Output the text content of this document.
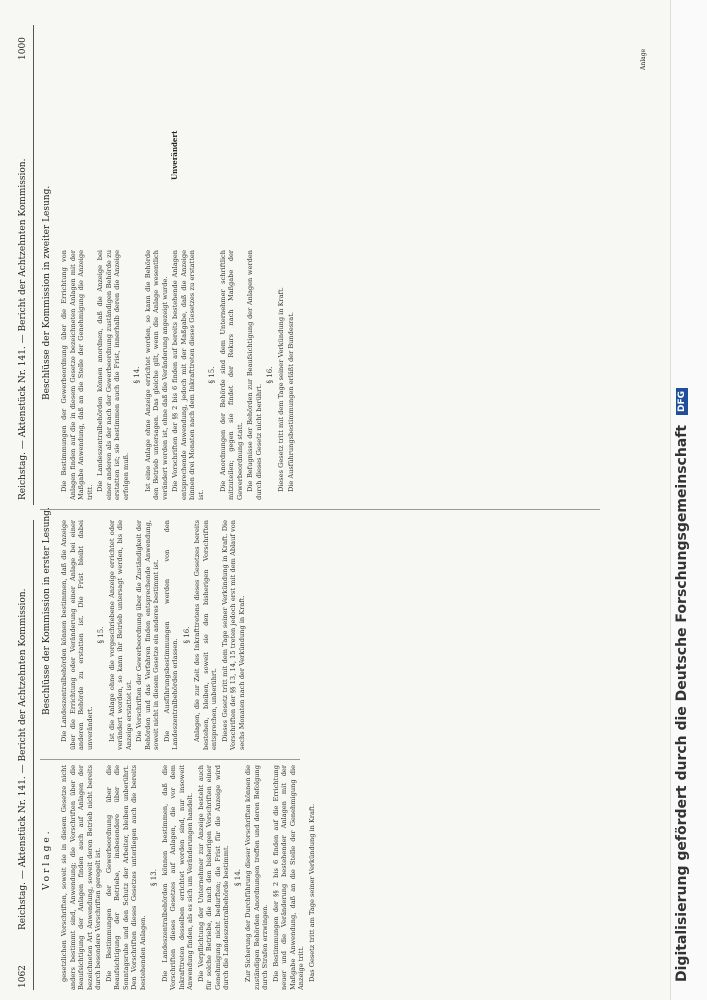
1062
Reichstag. — Aktenstück Nr. 141. — Bericht der Achtzehnten Kommission.
Reichstag. — Aktenstück Nr. 141. — Bericht der Achtzehnten Kommission.
1000
Vorlage.
Beschlüsse der Kommission in erster Lesung.
Beschlüsse der Kommission in zweiter Lesung.

gesetzlichen Vorschriften, soweit sie in diesem Gesetze nicht anders bestimmt sind, Anwendung; die Vorschriften über die Beaufsichtigung der Anlagen finden auch auf Anlagen der bezeichneten Art Anwendung, soweit deren Betrieb nicht bereits durch besondere Vorschriften geregelt ist. Die Bestimmungen der Gewerbeordnung über die Beaufsichtigung der Betriebe, insbesondere über die Sonntagsruhe und den Schutz der Arbeiter, bleiben unberührt. Den Vorschriften dieses Gesetzes unterliegen auch die bereits bestehenden Anlagen.

§ 13. Die Landeszentralbehörden können bestimmen, daß die Vorschriften dieses Gesetzes auf Anlagen, die vor dem Inkrafttreten desselben errichtet worden sind, nur insoweit Anwendung finden, als es sich um Veränderungen handelt. Die Verpflichtung der Unternehmer zur Anzeige besteht auch für solche Betriebe, die nach den bisherigen Vorschriften einer Genehmigung nicht bedurften; die Frist für die Anzeige wird durch die Landeszentralbehörde bestimmt. § 14. Zur Sicherung der Durchführung dieser Vorschriften können die zuständigen Behörden Anordnungen treffen und deren Befolgung durch Strafen erzwingen. Die Bestimmungen der §§ 2 bis 6 finden auf die Errichtung neuer und die Veränderung bestehender Anlagen mit der Maßgabe Anwendung, daß an die Stelle der Genehmigung die Anzeige tritt. Das Gesetz tritt am Tage seiner Verkündung in Kraft.

Die Landeszentralbehörden können bestimmen, daß die Anzeige über die Errichtung oder Veränderung einer Anlage bei einer anderen Behörde zu erstatten ist. Die Frist bleibt dabei unverändert.

§ 15. Ist die Anlage ohne die vorgeschriebene Anzeige errichtet oder verändert worden, so kann ihr Betrieb untersagt werden, bis die Anzeige erstattet ist. Die Vorschriften der Gewerbeordnung über die Zuständigkeit der Behörden und das Verfahren finden entsprechende Anwendung, soweit nicht in diesem Gesetze ein anderes bestimmt ist. Die Ausführungsbestimmungen werden von den Landeszentralbehörden erlassen.

§ 16. Anlagen, die zur Zeit des Inkrafttretens dieses Gesetzes bereits bestehen, bleiben, soweit sie den bisherigen Vorschriften entsprechen, unberührt. Dieses Gesetz tritt mit dem Tage seiner Verkündung in Kraft. Die Vorschriften der §§ 13, 14, 15 treten jedoch erst mit dem Ablauf von sechs Monaten nach der Verkündung in Kraft.

Die Bestimmungen der Gewerbeordnung über die Errichtung von Anlagen finden auf die in diesem Gesetze bezeichneten Anlagen mit der Maßgabe Anwendung, daß an die Stelle der Genehmigung die Anzeige tritt.

Die Landeszentralbehörden können anordnen, daß die Anzeige bei einer anderen als der nach der Gewerbeordnung zuständigen Behörde zu erstatten ist; sie bestimmen auch die Frist, innerhalb deren die Anzeige erfolgen muß.

§ 14. Ist eine Anlage ohne Anzeige errichtet worden, so kann die Behörde den Betrieb untersagen. Das gleiche gilt, wenn die Anlage wesentlich verändert worden ist, ohne daß die Veränderung angezeigt wurde. Die Vorschriften der §§ 2 bis 6 finden auf bereits bestehende Anlagen entsprechende Anwendung, jedoch mit der Maßgabe, daß die Anzeige binnen drei Monaten nach dem Inkrafttreten dieses Gesetzes zu erstatten ist.

§ 15. Die Anordnungen der Behörde sind dem Unternehmer schriftlich mitzuteilen; gegen sie findet der Rekurs nach Maßgabe der Gewerbeordnung statt. Die Befugnisse der Behörden zur Beaufsichtigung der Anlagen werden durch dieses Gesetz nicht berührt.

§ 16. Dieses Gesetz tritt mit dem Tage seiner Verkündung in Kraft. Die Ausführungsbestimmungen erläßt der Bundesrat.

Unverändert
Anlage
Digitalisierung gefördert durch die Deutsche ForschungsgemeinschaftDFG
